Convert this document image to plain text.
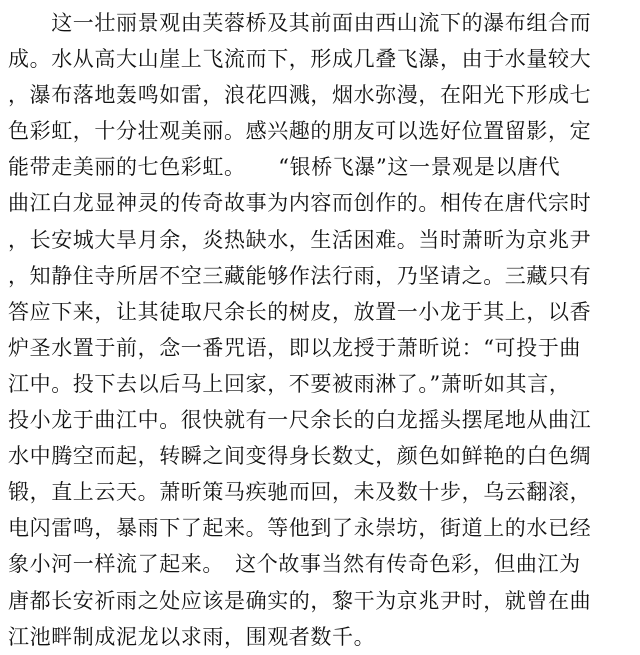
　　这一壮丽景观由芙蓉桥及其前面由西山流下的瀑布组合而
成。水从高大山崖上飞流而下，形成几叠飞瀑，由于水量较大
，瀑布落地轰鸣如雷，浪花四溅，烟水弥漫，在阳光下形成七
色彩虹，十分壮观美丽。感兴趣的朋友可以选好位置留影，定
能带走美丽的七色彩虹。　　“银桥飞瀑”这一景观是以唐代
曲江白龙显神灵的传奇故事为内容而创作的。相传在唐代宗时
，长安城大旱月余，炎热缺水，生活困难。当时萧昕为京兆尹
，知静住寺所居不空三藏能够作法行雨，乃坚请之。三藏只有
答应下来，让其徒取尺余长的树皮，放置一小龙于其上，以香
炉圣水置于前，念一番咒语，即以龙授于萧昕说：“可投于曲
江中。投下去以后马上回家，不要被雨淋了。”萧昕如其言，
投小龙于曲江中。很快就有一尺余长的白龙摇头摆尾地从曲江
水中腾空而起，转瞬之间变得身长数丈，颜色如鲜艳的白色绸
锻，直上云天。萧昕策马疾驰而回，未及数十步，乌云翻滚，
电闪雷鸣，暴雨下了起来。等他到了永崇坊，街道上的水已经
象小河一样流了起来。　这个故事当然有传奇色彩，但曲江为
唐都长安祈雨之处应该是确实的，黎干为京兆尹时，就曾在曲
江池畔制成泥龙以求雨，围观者数千。
